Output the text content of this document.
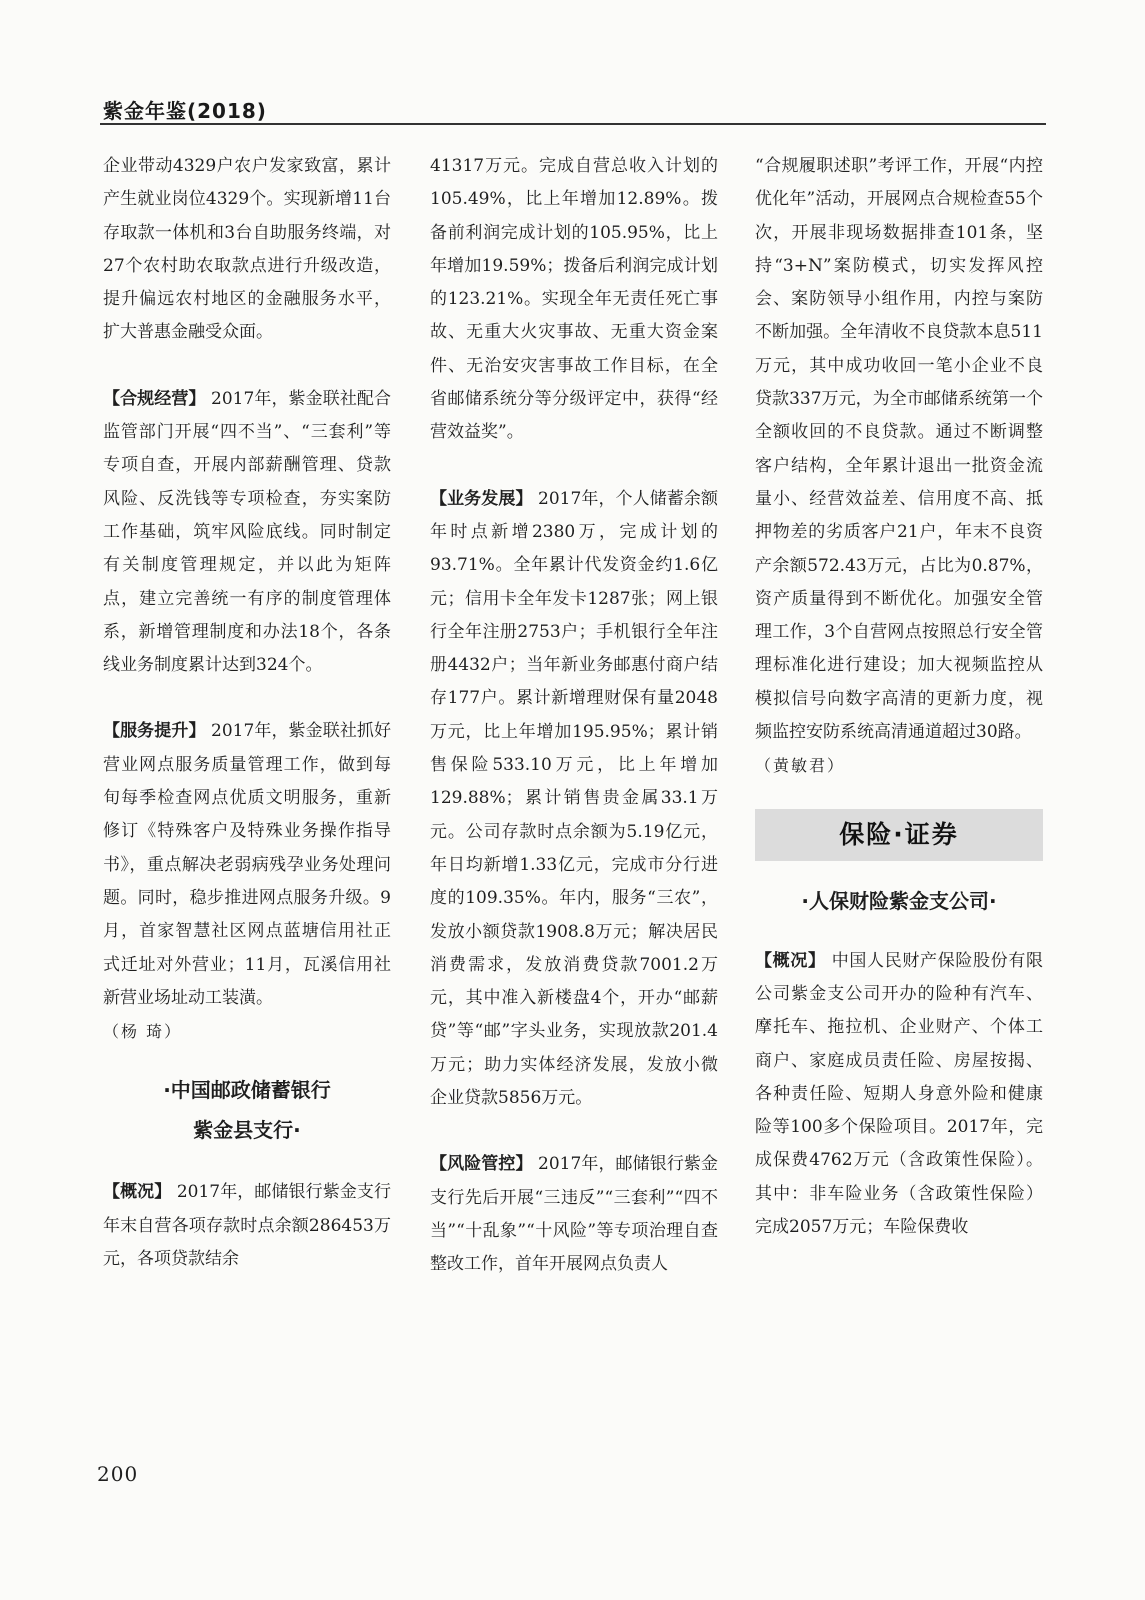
紫金年鉴(2018)

企业带动4329户农户发家致富，累计产生就业岗位4329个。实现新增11台存取款一体机和3台自助服务终端，对27个农村助农取款点进行升级改造，提升偏远农村地区的金融服务水平，扩大普惠金融受众面。

【合规经营】 2017年，紫金联社配合监管部门开展“四不当”、“三套利”等专项自查，开展内部薪酬管理、贷款风险、反洗钱等专项检查，夯实案防工作基础，筑牢风险底线。同时制定有关制度管理规定，并以此为矩阵点，建立完善统一有序的制度管理体系，新增管理制度和办法18个，各条线业务制度累计达到324个。

【服务提升】 2017年，紫金联社抓好营业网点服务质量管理工作，做到每旬每季检查网点优质文明服务，重新修订《特殊客户及特殊业务操作指导书》，重点解决老弱病残孕业务处理问题。同时，稳步推进网点服务升级。9月，首家智慧社区网点蓝塘信用社正式迁址对外营业；11月，瓦溪信用社新营业场址动工装潢。

（杨 琦）

·中国邮政储蓄银行
紫金县支行·

【概况】 2017年，邮储银行紫金支行年末自营各项存款时点余额286453万元，各项贷款结余

41317万元。完成自营总收入计划的105.49%，比上年增加12.89%。拨备前利润完成计划的105.95%，比上年增加19.59%；拨备后利润完成计划的123.21%。实现全年无责任死亡事故、无重大火灾事故、无重大资金案件、无治安灾害事故工作目标，在全省邮储系统分等分级评定中，获得“经营效益奖”。

【业务发展】 2017年，个人储蓄余额年时点新增2380万，完成计划的93.71%。全年累计代发资金约1.6亿元；信用卡全年发卡1287张；网上银行全年注册2753户；手机银行全年注册4432户；当年新业务邮惠付商户结存177户。累计新增理财保有量2048万元，比上年增加195.95%；累计销售保险533.10万元，比上年增加129.88%；累计销售贵金属33.1万元。公司存款时点余额为5.19亿元，年日均新增1.33亿元，完成市分行进度的109.35%。年内，服务“三农”，发放小额贷款1908.8万元；解决居民消费需求，发放消费贷款7001.2万元，其中准入新楼盘4个，开办“邮薪贷”等“邮”字头业务，实现放款201.4万元；助力实体经济发展，发放小微企业贷款5856万元。

【风险管控】 2017年，邮储银行紫金支行先后开展“三违反”“三套利”“四不当”“十乱象”“十风险”等专项治理自查整改工作，首年开展网点负责人

“合规履职述职”考评工作，开展“内控优化年”活动，开展网点合规检查55个次，开展非现场数据排查101条，坚持“3+N”案防模式，切实发挥风控会、案防领导小组作用，内控与案防不断加强。全年清收不良贷款本息511万元，其中成功收回一笔小企业不良贷款337万元，为全市邮储系统第一个全额收回的不良贷款。通过不断调整客户结构，全年累计退出一批资金流量小、经营效益差、信用度不高、抵押物差的劣质客户21户，年末不良资产余额572.43万元，占比为0.87%，资产质量得到不断优化。加强安全管理工作，3个自营网点按照总行安全管理标准化进行建设；加大视频监控从模拟信号向数字高清的更新力度，视频监控安防系统高清通道超过30路。

（黄敏君）

保险·证券
·人保财险紫金支公司·

【概况】 中国人民财产保险股份有限公司紫金支公司开办的险种有汽车、摩托车、拖拉机、企业财产、个体工商户、家庭成员责任险、房屋按揭、各种责任险、短期人身意外险和健康险等100多个保险项目。2017年，完成保费4762万元（含政策性保险）。其中：非车险业务（含政策性保险）完成2057万元；车险保费收

200
